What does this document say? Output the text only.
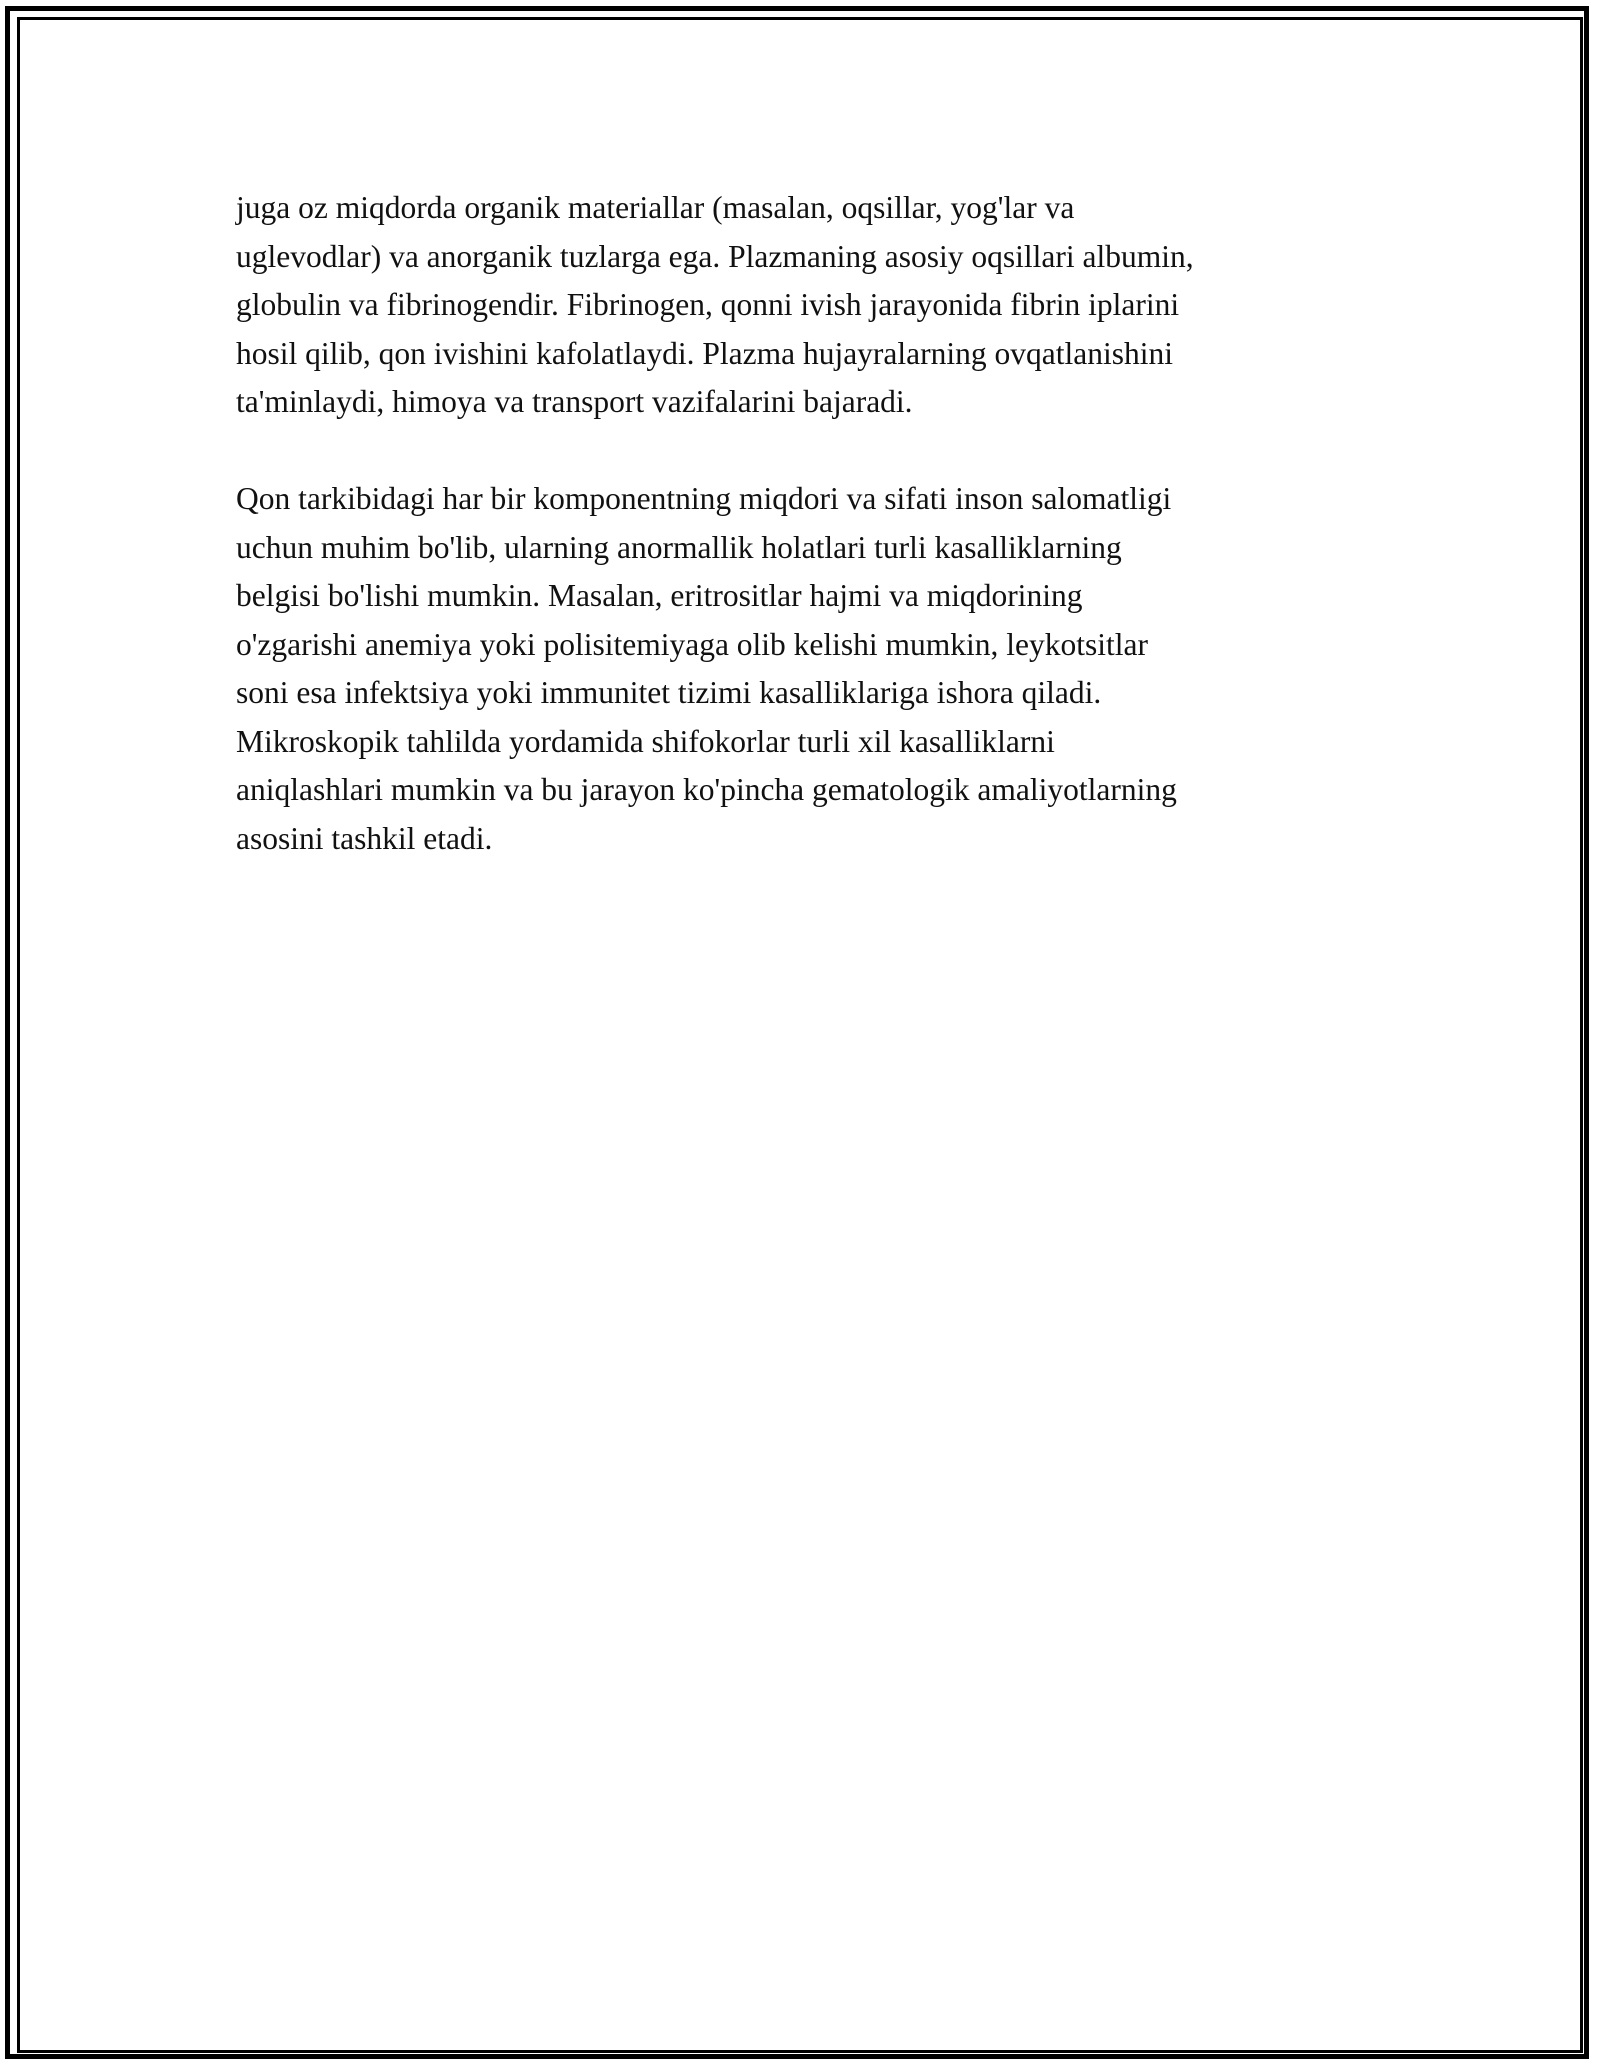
juga oz miqdorda organik materiallar (masalan, oqsillar, yog'lar va
uglevodlar) va anorganik tuzlarga ega. Plazmaning asosiy oqsillari albumin,
globulin va fibrinogendir. Fibrinogen, qonni ivish jarayonida fibrin iplarini
hosil qilib, qon ivishini kafolatlaydi. Plazma hujayralarning ovqatlanishini
ta'minlaydi, himoya va transport vazifalarini bajaradi.

Qon tarkibidagi har bir komponentning miqdori va sifati inson salomatligi
uchun muhim bo'lib, ularning anormallik holatlari turli kasalliklarning
belgisi bo'lishi mumkin. Masalan, eritrositlar hajmi va miqdorining
o'zgarishi anemiya yoki polisitemiyaga olib kelishi mumkin, leykotsitlar
soni esa infektsiya yoki immunitet tizimi kasalliklariga ishora qiladi.
Mikroskopik tahlilda yordamida shifokorlar turli xil kasalliklarni
aniqlashlari mumkin va bu jarayon ko'pincha gematologik amaliyotlarning
asosini tashkil etadi.
